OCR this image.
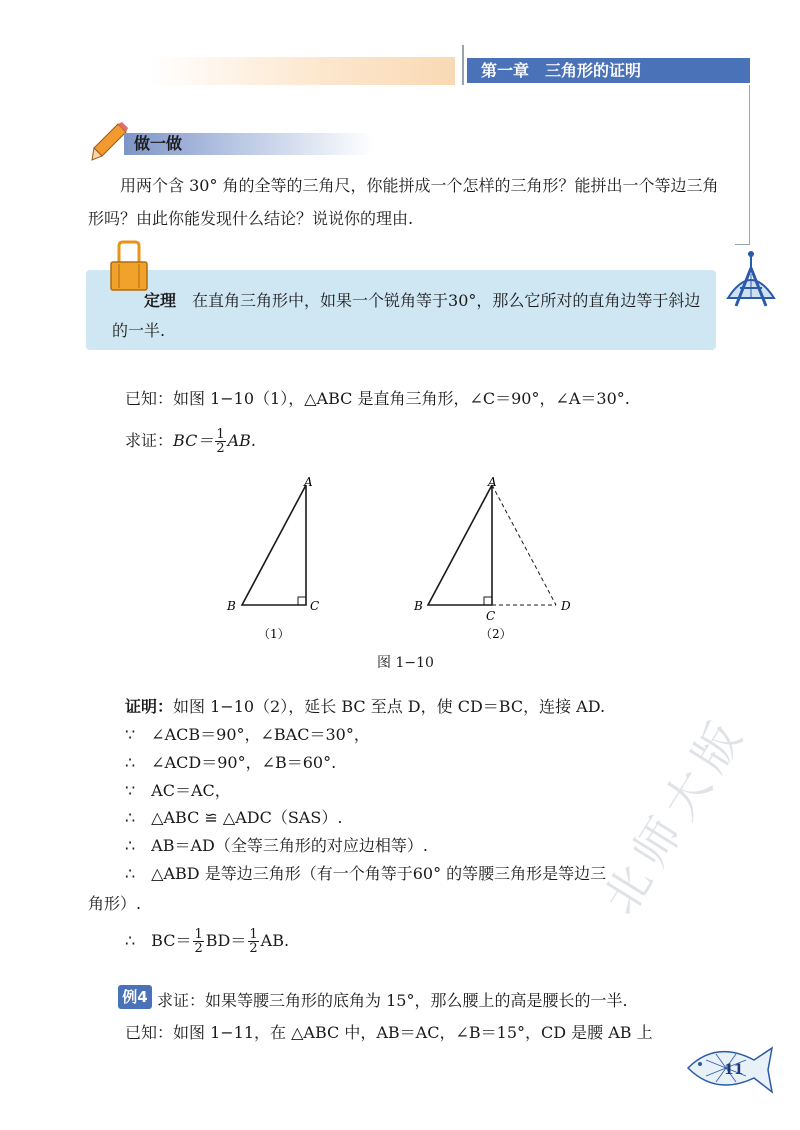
第一章　三角形的证明
做一做
用两个含 30° 角的全等的三角尺，你能拼成一个怎样的三角形？能拼出一个等边三角形吗？由此你能发现什么结论？说说你的理由.
定理 在直角三角形中，如果一个锐角等于30°，那么它所对的直角边等于斜边的一半.
已知：如图 1−10（1），△ABC 是直角三角形，∠C＝90°，∠A＝30°.
求证：$BC= \frac{1}{2}$ AB.
A
B	C
（1）
A
B
C
D
（2）
图 1−10
证明：如图 1−10（2），延长 BC 至点 D，使 CD＝BC，连接 AD.
∵　∠ACB＝90°，∠BAC＝30°，
∴　∠ACD＝90°，∠B＝60°.
∵　AC＝AC，
∴　△ABC ≌ △ADC（SAS）.
∴　AB＝AD（全等三角形的对应边相等）.
∴　△ABD 是等边三角形（有一个角等于60° 的等腰三角形是等边三
角形）.
∴　$BC= \frac{1}{2} BD= \frac{1}{2}$ AB.
例4 求证：如果等腰三角形的底角为 15°，那么腰上的高是腰长的一半.
已知：如图 1−11，在 △ABC 中，AB＝AC，∠B＝15°，CD 是腰 AB 上
北师大版
11
